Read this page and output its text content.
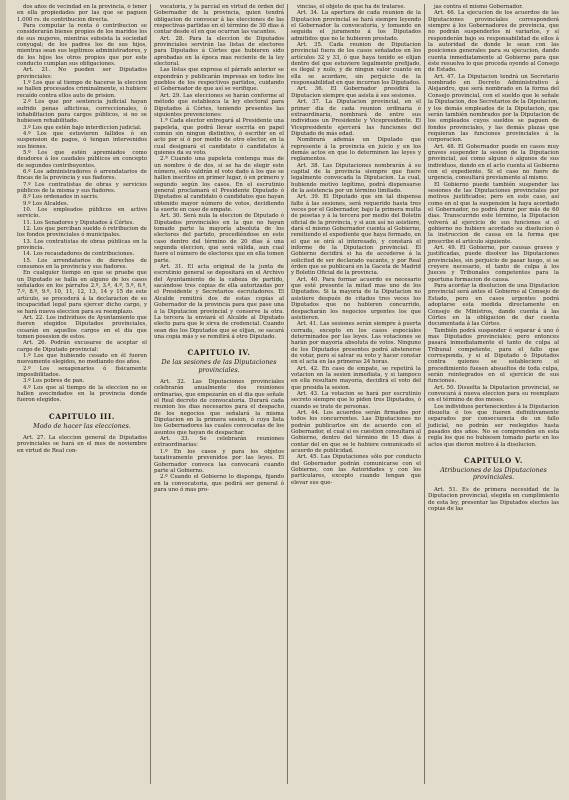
dos años de vecindad en la provincia, ó tener en ella propiedades por las que se paguen 1.000 rs. de contribucion directa.

Para computar la renta ó contribucion se considerarán bienes propios de los maridos los de sus mujeres, mientras subsista la sociedad conyugal; de los padres los de sus hijos, mientras sean sus legítimos administradores, y de los hijos los otros propios que por este conducto cumplan sus obligaciones.

Art. 21. No pueden ser Diputados provinciales:

1.º Los que al tiempo de hacerse la eleccion se hallen procesados criminalmente, si hubiere recaído contra ellos auto de prision.

2.º Los que por sentencia judicial hayan sufrido penas aflictivas, correccionales, ó inhabilitacion para cargos públicos, si no se hubiesen rehabilitado.

3.º Los que estén bajo interdiccion judicial.

4.º Los que estuvieren fallidos ó en suspension de pagos, ó tengan intervenidos sus bienes.

5.º Los que estén apremiados como deudores á los caudales públicos en concepto de segundos contribuyentes.

6.º Los administradores ó arrendatarios de fincas de la provincia y sus fiadores.

7.º Los contratistas de obras y servicios públicos de la misma y sus fiadores.

8.º Los ordenados in sacris.

9.º Los Alcaldes.

10. Los empleados públicos en activo servicio.

11. Los Senadores y Diputados á Córtes.

12. Los que perciban sueldo ó retribucion de los fondos provinciales ó municipales.

13. Los contratistas de obras públicas en la provincia.

14. Los recaudadores de contribuciones.

15. Los arrendatarios de derechos de consumos en la provincia y sus fiadores.

En cualquier tiempo en que se pruebe que un Diputado se halla en alguno de los casos señalados en los párrafos 2.º, 3.º, 4.º, 5.º, 6.º, 7.º, 8.º, 9.º, 10, 11, 12, 13, 14 y 15 de este artículo, se procederá á la declaracion de su incapacidad legal para ejercer dicho cargo, y se hará nueva eleccion para su reemplazo.

Art. 22. Los individuos de Ayuntamiento que fueren elegidos Diputados provinciales, cesarán en aquellos cargos en el dia que tomen posesion de estos.

Art. 26. Podrán excusarse de aceptar el cargo de Diputado provincial:

1.º Los que hubiendo cesado en él fueren nuevamente elegidos, no mediando dos años.

2.º Los sexagenarios ó físicamente imposibilitados.

3.º Los pobres de pan.

4.º Los que al tiempo de la eleccion no se hallen avecindados en la provincia donde fueron elegidos.

CAPITULO III.
Modo de hacer las elecciones.

Art. 27. La eleccion general de Diputados provinciales se hará en el mes de noviembre en virtud de Real con-

vocatoria, y la parcial en virtud de órden del Gobernador de la provincia, quien tendrá obligacion de convocar á las elecciones de las respectivas partidas en el término de 30 dias á contar desde el en que ocurran las vacantes.

Art. 28. Para la eleccion de Diputados provinciales servirán las listas de electores para Diputados á Córtes que hubieren sido aprobadas en la época mas reciente de la ley electoral.

Las listas que expresa el párrafo anterior se expondrán y publicarán impresas en todos los pueblos de los respectivos partidos, cuidando el Gobernador de que así se verifique.

Art. 29. Las elecciones se harán conforme al método que establezca la ley electoral para Diputados á Córtes, teniendo presentes las siguientes prevenciones:

1.ª Cada elector entregará al Presidente una papeleta, que podrá llevar escrita en papel común sin ningun distintivo, ó escribir en el acto por sí ó por medio de otro elector, en la cual designará el candidato ó candidatos á quienes da su voto.

2.ª Cuando una papeleta contenga mas de un nombre ó de dos, si se ha de elegir este número, solo valdrán el voto dado á los que se hallen inscritos en primer lugar, ó en primero y segundo según los casos. En el escrutinio general proclamará el Presidente Diputado ó Diputados al candidato ó candidatos que hayan obtenido mayor número de votos, decidiendo la suerte en caso de empate.

Art. 30. Será nula la eleccion de Diputado ó Diputados provinciales en la que no hayan tomado parte la mayoría absoluta de los electores del partido, procediéndose en este caso dentro del término de 20 dias á una segunda eleccion, que será válida, aun cual fuere el número de electores que en ella tomen parte.

Art. 31. El acta original de la junta de escrutinio general se depositará en el Archivo del Ayuntamiento de la cabeza de partido, sacándose tres copias de ella autorizadas por el Presidente y Secretarios escrutadores. El Alcalde remitirá dos de estas copias al Gobernador de la provincia para que pase una á la Diputacion provincial y conserve la otra. La tercera la enviará el Alcalde al Diputado electo para que le sirva de credencial. Cuando sean dos los Diputados que se elijan, se sacará una copia más y se remitirá á otro Diputado.

CAPITULO IV.
De las sesiones de las Diputaciones provinciales.

Art. 32. Las Diputaciones provinciales celebrarán anualmente dos reuniones ordinarias, que empezarán en el dia que señale el Real decreto de convocatoria. Durará cada reunion los dias necesarios para el despacho de los negocios que señalará la misma Diputacion en la primera sesion, ó cuya lista los Gobernadores las cuales convocadas de los asuntos que hayan de despachar.

Art. 33. Se celebrarán reuniones extraordinarias:

1.º En los casos y para los objetos taxativamente prevenidos por las leyes. El Gobernador convoca las convocará cuando parte al Gobierno.

2.º Cuando el Gobierno lo disponga, fijando en la convocatoria, que pedirá ser general ó para uno ó mas pro-

vincias, el objeto de que ha de tratarse.

Art. 34. La apertura de cada reunion de la Diputacion provincial se hará siempre leyendo el Gobernador la convocatoria, y tomando en seguida el juramento á los Diputados admitidos que no le hubieren prestado.

Art. 35. Cada reunion de Diputacion provincial fuera de los casos señalados en los artículos 32 y 33, ó que haya tenido se elijan dentro del que estuviere legalmente prefijado, es ilegal y nulo, y de ningun valor cuanto en ella se acordare, sin perjuicio de la responsabilidad en que incurran los Diputados.

Art. 36. El Gobernador presidirá la Diputacion siempre que asista á sus sesiones.

Art. 37. La Diputacion provincial, en el primer dia de cada reunion ordinaria ó extraordinaria, nombrará de entre sus individuos un Presidente y Vicepresidente. El Vicepresidente ejercerá las funciones del Diputado de más edad.

Nombrará además un Diputado que represente á la provincia en juicio y en los demás actos en que lo determinen las leyes y reglamentos.

Art. 38. Las Diputaciones nombrarán á su capital de la provincia siempre que fuere legalmente convocada la Diputacion. La cual, hubiendo motivo legítimo, podrá dispensarse de la asistencia por un término limitado.

Art. 39. El Diputado que sin tal dispensa falte á las sesiones, será requerido hasta tres veces por el Gobernador, bajo la primera multa de pesetas y á la tercera por medio del Boletin oficial de la provincia, y si aun así no asistiere, dará el mismo Gobernador cuenta al Gobierno, remitiendo el expediente que haya formado, en el que se oirá al interesado, y constará el informe de la Diputacion provincial. El Gobierno decidirá si ha de accederse á la solicitud de ser declarado vacante, y por Real órden que se publicará en la Gaceta de Madrid y Boletin Oficial de la provincia.

Art. 40. Para formar acuerdo es necesario que esté presente la mitad mas uno de los Diputados. Si la mayoría de la Diputacion no asistiere después de citados tres veces los Diputados que no hubieren concurrido, despacharán los negocios urgentes los que asistieren.

Art. 41. Las sesiones serán siempre á puerta cerrada, excepto en los casos especiales determinados por las leyes. Las votaciones se harán por mayoría absoluta de votos. Ninguno de los Diputados presentes podrá abstenerse de votar, pero sí salvar su voto y hacer constar en el acta en las primeras 24 horas.

Art. 42. En caso de empate, se repetirá la votacion en la sesion inmediata, y si tampoco en ella resultare mayoría, decidirá el voto del que presida la sesion.

Art. 43. La votacion se hará por escrutinio secreto siempre que lo piden tres Diputados, ó cuando se trate de personas.

Art. 44. Los acuerdos serán firmados por todos los concurrentes. Las Diputaciones no podrán publicarlos sin de acuerdo con el Gobernador, el cual si es cuestion consultará al Gobierno, dentro del término de 15 dias á contar del en que se le hubiere comunicado el acuerdo de publicidad.

Art. 45. Las Diputaciones sólo por conducto del Gobernador podrán comunicarse con el Gobierno, con las Autoridades y con los particulares, excepto cuando tengan que elevar sus que-

jas contra el mismo Gobernador.

Art. 46. La ejecucion de los acuerdos de las Diputaciones provinciales corresponderá siempre á los Gobernadores de provincia, que no podrán suspenderlos ni variarlos, y sí responderán bajo su responsabilidad de ellos á la autoridad de donde le sean con las posiciones generales para su ejecucion, dando cuenta inmediatamente al Gobierno para que éste resuelva lo que proceda oyendo al Consejo de Estado.

Art. 47. La Diputacion tendrá un Secretario nombrado en Decreto Administrativo á Alejandro, que será nombrado en la forma del Consejo provincial, con el sueldo que le señale la Diputacion, dos Secretarios de la Diputacion, y los demás empleados de la Diputacion, que serán también nombrados por la Diputacion de los empleados cuyos sueldos se paguen de fondos provinciales, y las demás plazas que requieran las funciones provinciales á la corporacion.

Art. 48. El Gobernador puede en casos muy graves suspender la sesion de la Diputacion provincial, así como alguno ó algunos de sus individuos, dando en el acto cuenta al Gobierno con el expediente. Si el caso no fuere de urgencia, consultará previamente al mismo.

El Gobierno puede también suspender las sesiones de las Diputaciones provinciales por motivos justificados; pero en este caso, así como en el que la suspension la haya acordado el Gobernador, no podrá durar por más de 60 dias. Transcurrido este término, la Diputacion volverá al ejercicio de sus funciones si el gobierno no hubiere acordado su disolucion ó la instruccion de causa en la forma que prescribe el artículo siguiente.

Art. 49. El Gobierno, por causas graves y justificadas, puede disolver las Diputaciones provinciales, sin perjuicio de pasar luego, si se creyere necesario, el tanto de culpa á los Jueces y Tribunales competentes para la oportuna formacion de causa.

Para acordar la disolucion de una Diputacion provincial será antes el Gobierno al Consejo de Estado, pero en casos urgentes podrá adoptarse esta medida directamente en Consejo de Ministros, dando cuenta á las Córtes en la obligacion de dar cuenta documentada á las Córtes.

También podrá suspender ó separar á uno ó mas Diputados provinciales; pero entonces pasará inmediatamente el tanto de culpa al Tribunal competente, para el fallo que corresponda, y si el Diputado ó Diputados contra quienes se estableciere el procedimiento fuesen absueltos de toda culpa, serán reintegrados en el ejercicio de sus funciones.

Art. 50. Disuelta la Diputacion provincial, se convocará á nueva eleccion para su reemplazo en el término de dos meses.

Los individuos pertenecientes á la Diputacion disuelta ó los que fueren definitivamente separados por consecuencia de un fallo judicial, no podrán ser reelegidos hasta pasados dos años. No se comprenden en esta regla los que no hubiesen tomado parte en los actos que dieron motivo á la disolucion.

CAPITULO V.
Atribuciones de las Diputaciones provinciales.

Art. 51. Es de primera necesidad de la Diputacion provincial, elegida en cumplimiento de esta ley, presentar las Diputados electos las copias de las
